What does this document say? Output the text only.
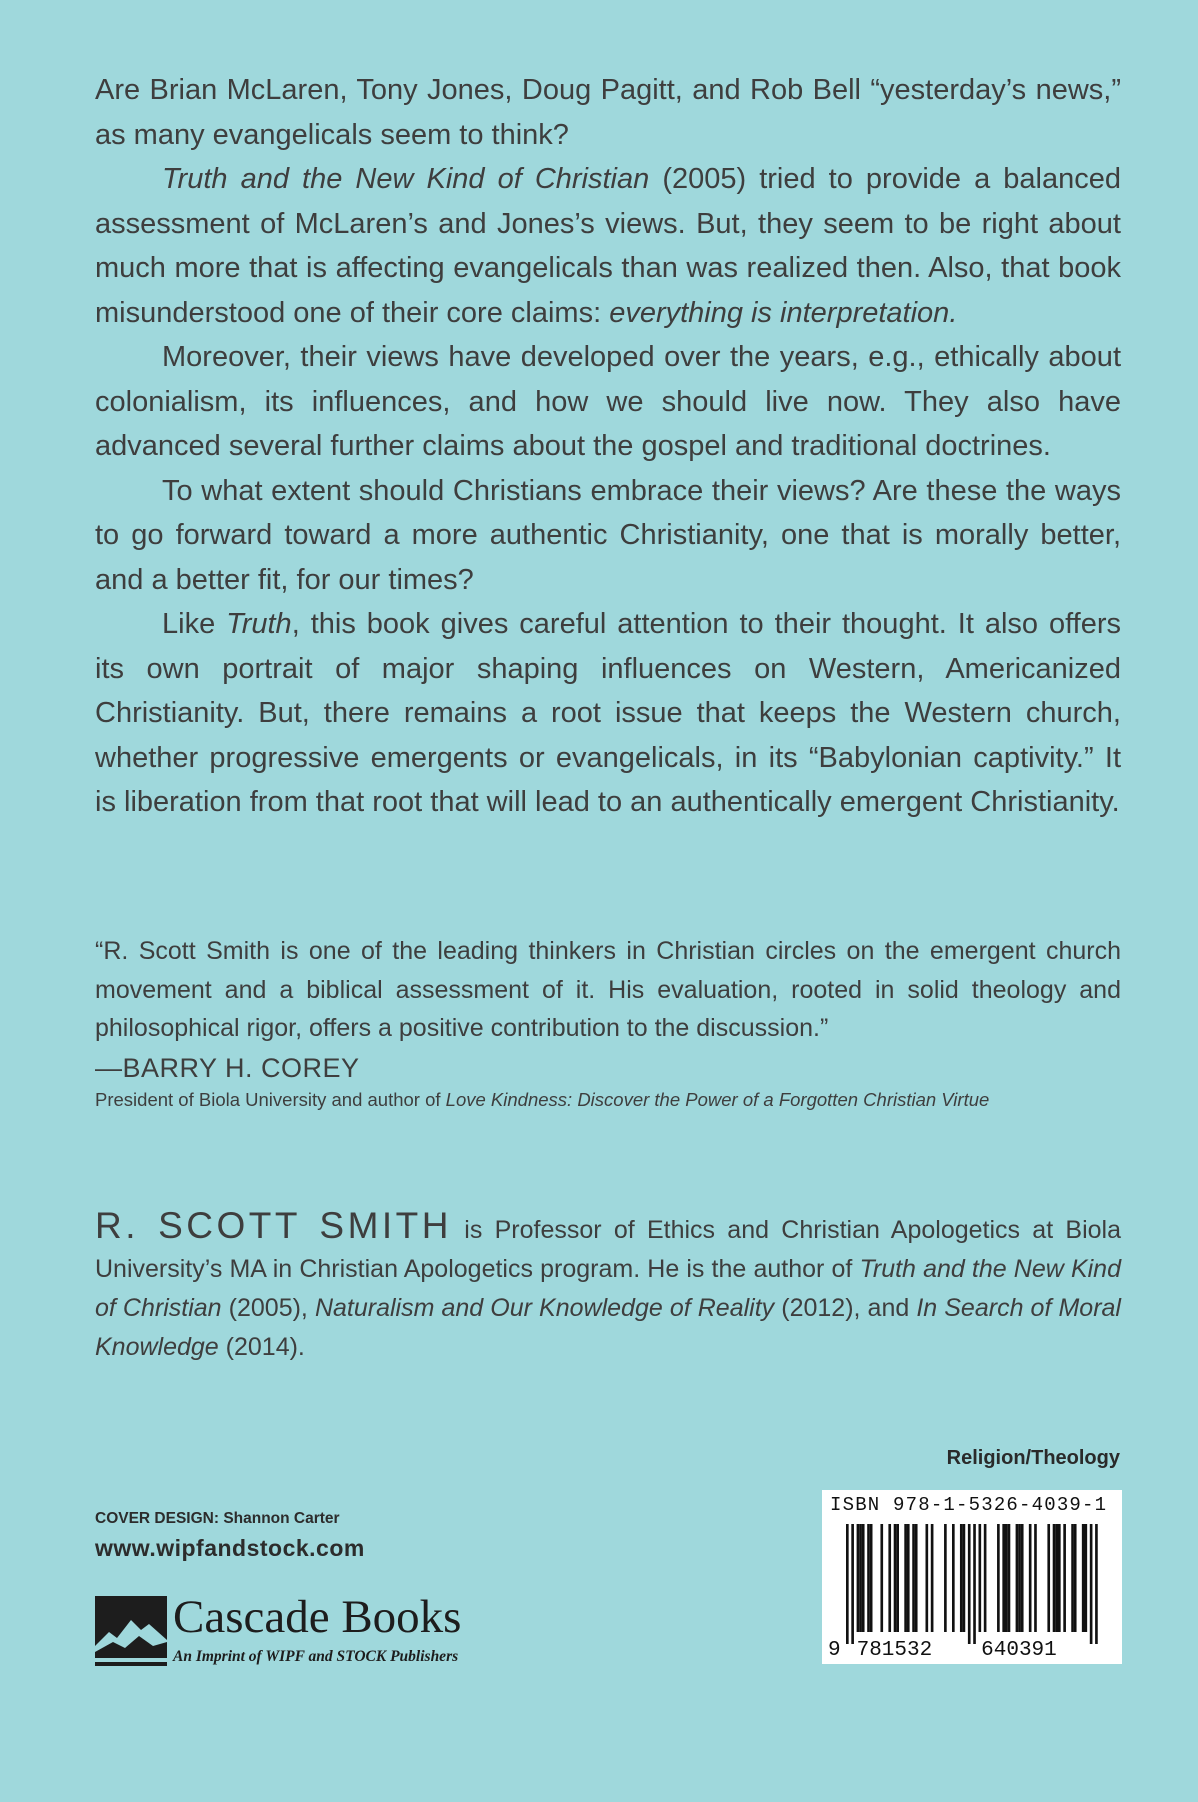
Are Brian McLaren, Tony Jones, Doug Pagitt, and Rob Bell “yesterday’s news,” as many evangelicals seem to think?

Truth and the New Kind of Christian (2005) tried to provide a balanced assessment of McLaren’s and Jones’s views. But, they seem to be right about much more that is affecting evangelicals than was realized then. Also, that book misunderstood one of their core claims: everything is interpretation.

Moreover, their views have developed over the years, e.g., ethically about colonialism, its influences, and how we should live now. They also have advanced several further claims about the gospel and traditional doctrines.

To what extent should Christians embrace their views? Are these the ways to go forward toward a more authentic Christianity, one that is morally better, and a better fit, for our times?

Like Truth, this book gives careful attention to their thought. It also offers its own portrait of major shaping influences on Western, Americanized Christianity. But, there remains a root issue that keeps the Western church, whether progressive emergents or evangelicals, in its “Babylonian captivity.” It is liberation from that root that will lead to an authentically emergent Christianity.

“R. Scott Smith is one of the leading thinkers in Christian circles on the emergent church movement and a biblical assessment of it. His evaluation, rooted in solid theology and philosophical rigor, offers a positive contribution to the discussion.”

—BARRY H. COREY

President of Biola University and author of Love Kindness: Discover the Power of a Forgotten Christian Virtue

R. SCOTT SMITH is Professor of Ethics and Christian Apologetics at Biola University’s MA in Christian Apologetics program. He is the author of Truth and the New Kind of Christian (2005), Naturalism and Our Knowledge of Reality (2012), and In Search of Moral Knowledge (2014).
COVER DESIGN: Shannon Carter
www.wipfandstock.com
Cascade Books
An Imprint of WIPF and STOCK Publishers
Religion/Theology
9 781532 640391
ISBN 978-1-5326-4039-1
